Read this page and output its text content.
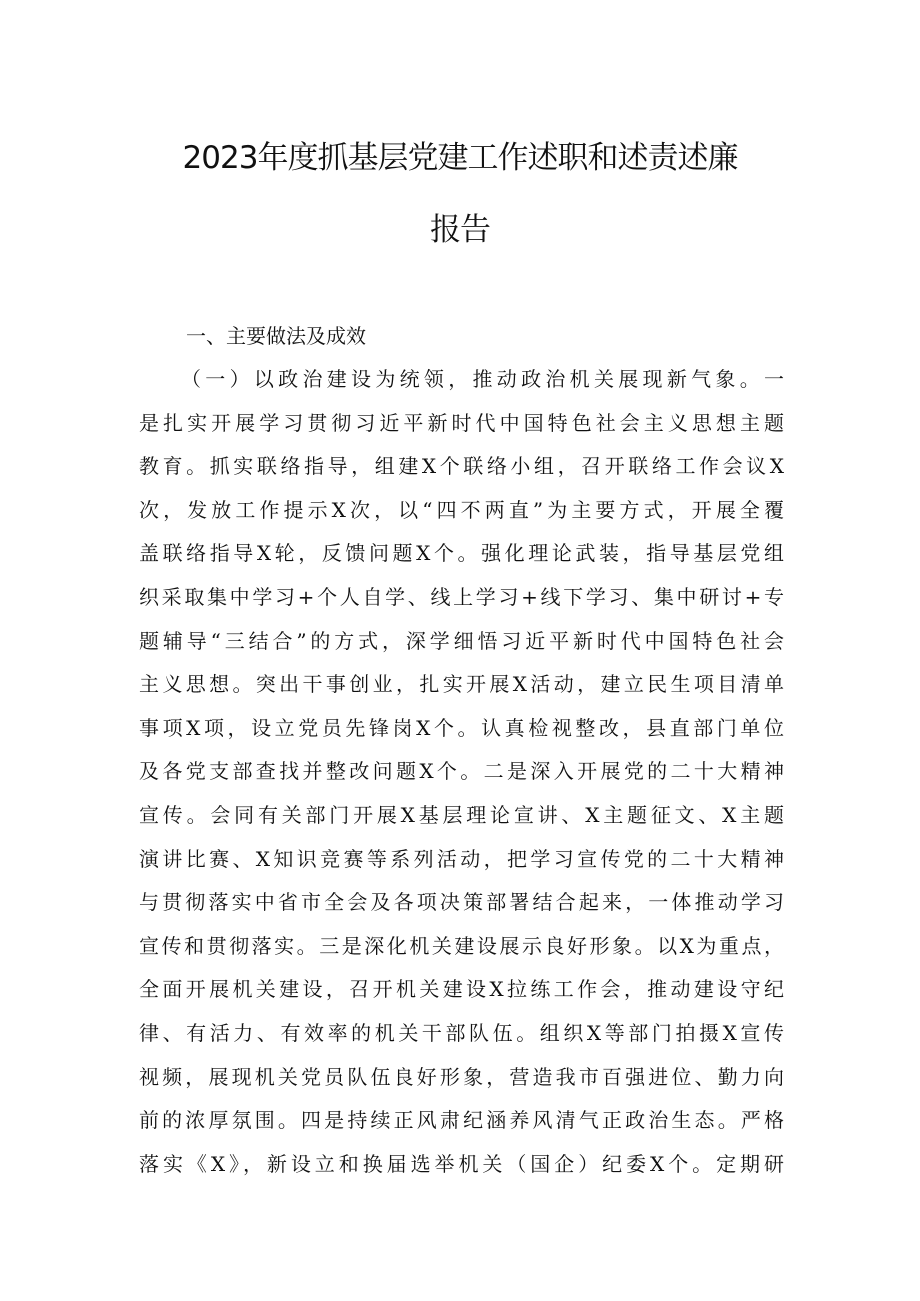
2023年度抓基层党建工作述职和述责述廉
报告
一、主要做法及成效
（一）以政治建设为统领，推动政治机关展现新气象。一
是扎实开展学习贯彻习近平新时代中国特色社会主义思想主题
教育。抓实联络指导，组建X个联络小组，召开联络工作会议X
次，发放工作提示X次，以“四不两直”为主要方式，开展全覆
盖联络指导X轮，反馈问题X个。强化理论武装，指导基层党组
织采取集中学习+个人自学、线上学习+线下学习、集中研讨+专
题辅导“三结合”的方式，深学细悟习近平新时代中国特色社会
主义思想。突出干事创业，扎实开展X活动，建立民生项目清单
事项X项，设立党员先锋岗X个。认真检视整改，县直部门单位
及各党支部查找并整改问题X个。二是深入开展党的二十大精神
宣传。会同有关部门开展X基层理论宣讲、X主题征文、X主题
演讲比赛、X知识竞赛等系列活动，把学习宣传党的二十大精神
与贯彻落实中省市全会及各项决策部署结合起来，一体推动学习
宣传和贯彻落实。三是深化机关建设展示良好形象。以X为重点，
全面开展机关建设，召开机关建设X拉练工作会，推动建设守纪
律、有活力、有效率的机关干部队伍。组织X等部门拍摄X宣传
视频，展现机关党员队伍良好形象，营造我市百强进位、勤力向
前的浓厚氛围。四是持续正风肃纪涵养风清气正政治生态。严格
落实《X》，新设立和换届选举机关（国企）纪委X个。定期研
